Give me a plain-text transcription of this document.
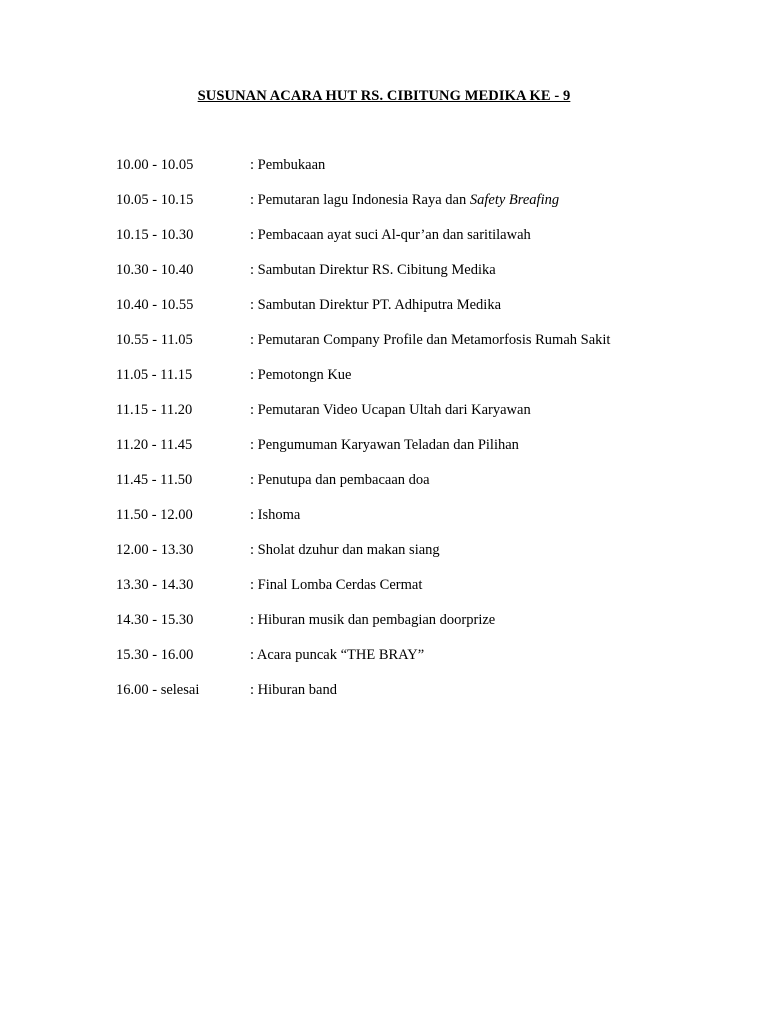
SUSUNAN ACARA HUT RS. CIBITUNG MEDIKA KE - 9
10.00 - 10.05	: Pembukaan
10.05 - 10.15	: Pemutaran lagu Indonesia Raya dan Safety Breafing
10.15 - 10.30	: Pembacaan ayat suci Al-qur’an dan saritilawah
10.30 - 10.40	: Sambutan Direktur RS. Cibitung Medika
10.40 - 10.55	: Sambutan Direktur PT. Adhiputra Medika
10.55 - 11.05	: Pemutaran Company Profile dan Metamorfosis Rumah Sakit
11.05 - 11.15	: Pemotongn Kue
11.15 - 11.20	: Pemutaran Video Ucapan Ultah dari Karyawan
11.20 - 11.45	: Pengumuman Karyawan Teladan dan Pilihan
11.45 - 11.50	: Penutupa dan pembacaan doa
11.50 - 12.00	: Ishoma
12.00 - 13.30	: Sholat dzuhur dan makan siang
13.30 - 14.30	: Final Lomba Cerdas Cermat
14.30 - 15.30	: Hiburan musik dan pembagian doorprize
15.30 - 16.00	: Acara puncak “THE BRAY”
16.00 - selesai	: Hiburan band
